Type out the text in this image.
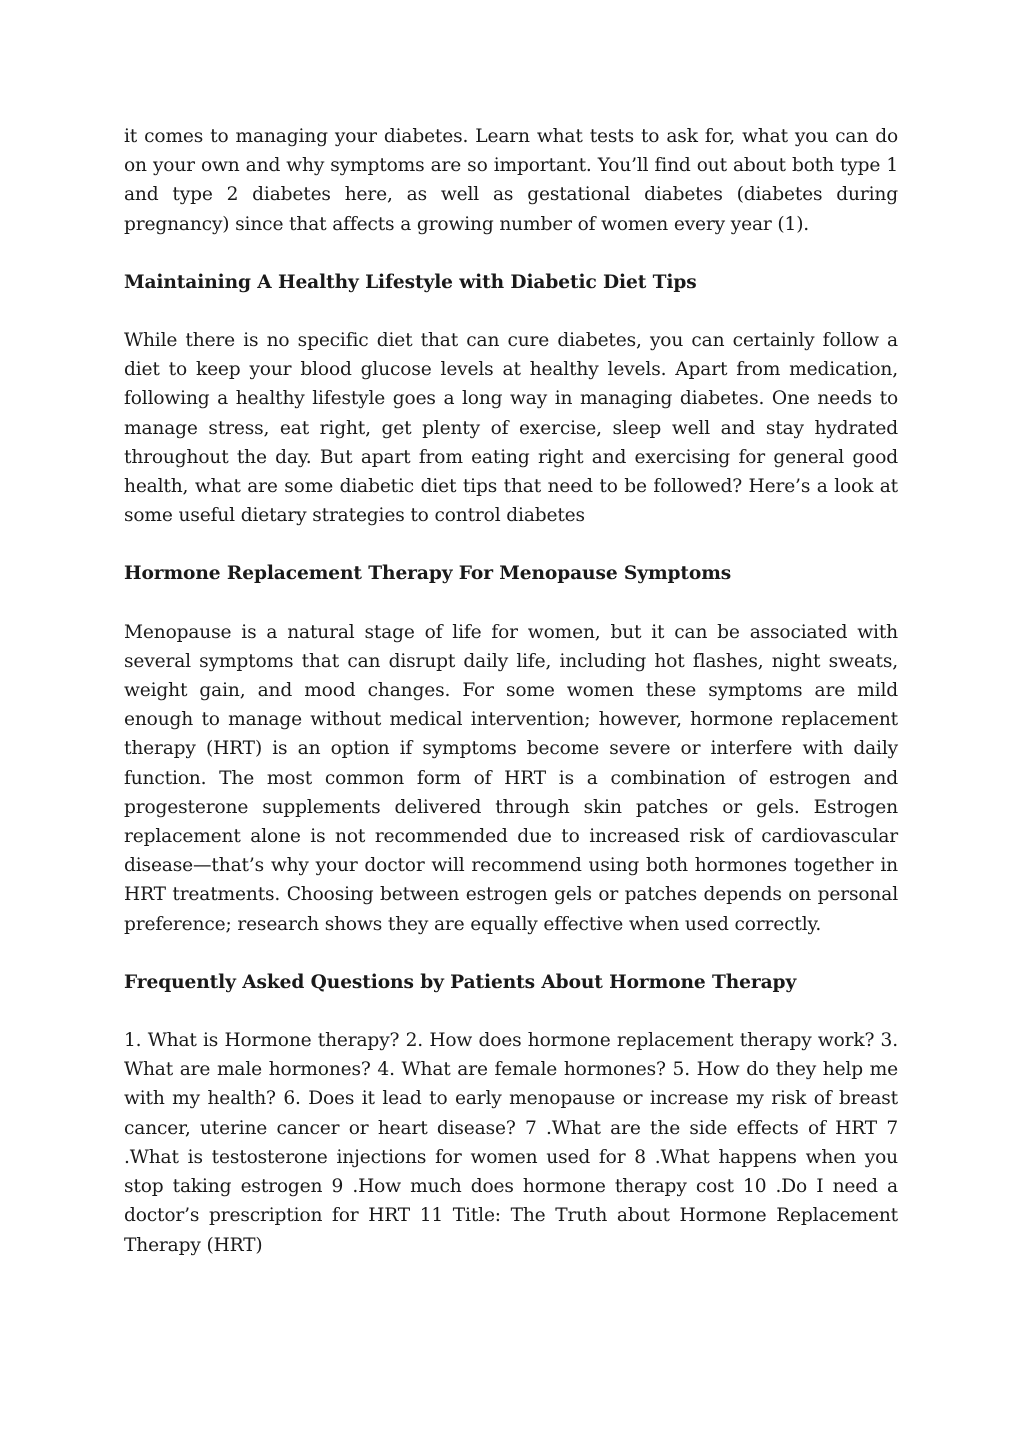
it comes to managing your diabetes. Learn what tests to ask for, what you can do on your own and why symptoms are so important. You’ll find out about both type 1 and type 2 diabetes here, as well as gestational diabetes (diabetes during pregnancy) since that affects a growing number of women every year (1).

Maintaining A Healthy Lifestyle with Diabetic Diet Tips

While there is no specific diet that can cure diabetes, you can certainly follow a diet to keep your blood glucose levels at healthy levels. Apart from medication, following a healthy lifestyle goes a long way in managing diabetes. One needs to manage stress, eat right, get plenty of exercise, sleep well and stay hydrated throughout the day. But apart from eating right and exercising for general good health, what are some diabetic diet tips that need to be followed? Here’s a look at some useful dietary strategies to control diabetes

Hormone Replacement Therapy For Menopause Symptoms

Menopause is a natural stage of life for women, but it can be associated with several symptoms that can disrupt daily life, including hot flashes, night sweats, weight gain, and mood changes. For some women these symptoms are mild enough to manage without medical intervention; however, hormone replacement therapy (HRT) is an option if symptoms become severe or interfere with daily function. The most common form of HRT is a combination of estrogen and progesterone supplements delivered through skin patches or gels. Estrogen replacement alone is not recommended due to increased risk of cardiovascular disease—that’s why your doctor will recommend using both hormones together in HRT treatments. Choosing between estrogen gels or patches depends on personal preference; research shows they are equally effective when used correctly.

Frequently Asked Questions by Patients About Hormone Therapy

1. What is Hormone therapy? 2. How does hormone replacement therapy work? 3. What are male hormones? 4. What are female hormones? 5. How do they help me with my health? 6. Does it lead to early menopause or increase my risk of breast cancer, uterine cancer or heart disease? 7 .What are the side effects of HRT 7 .What is testosterone injections for women used for 8 .What happens when you stop taking estrogen 9 .How much does hormone therapy cost 10 .Do I need a doctor’s prescription for HRT 11 Title: The Truth about Hormone Replacement Therapy (HRT)
